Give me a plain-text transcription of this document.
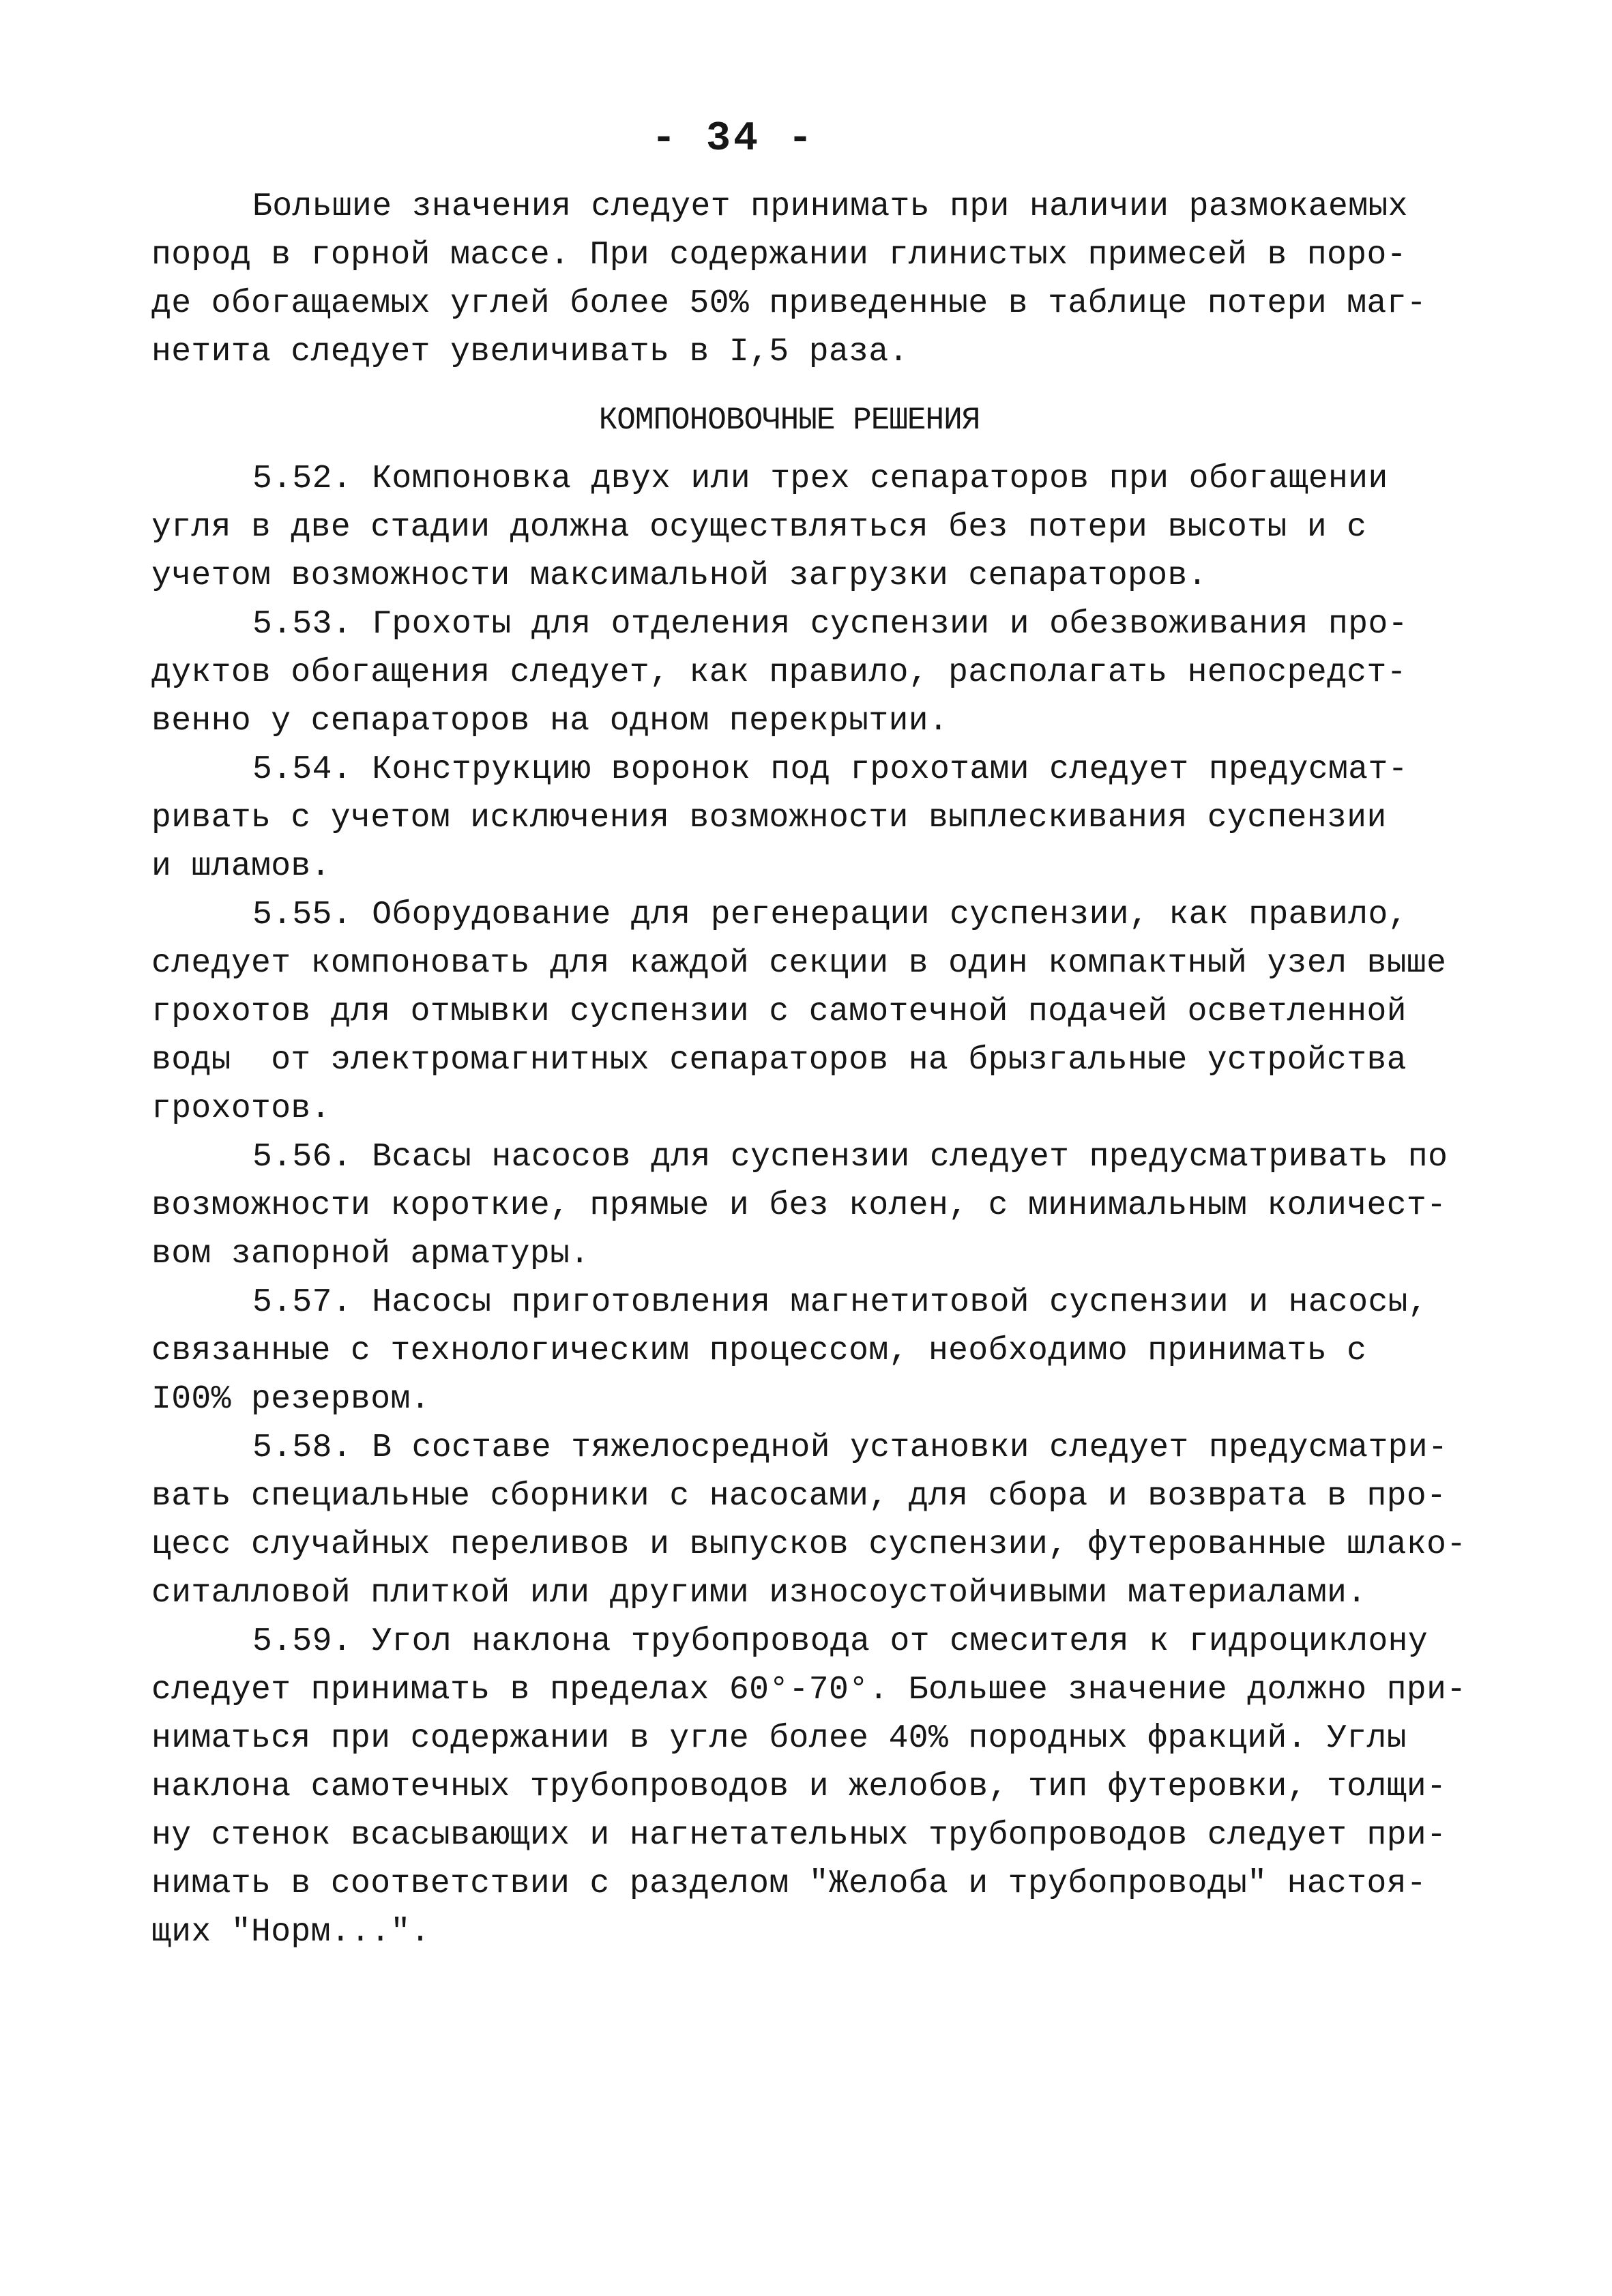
- 34 -
Большие значения следует принимать при наличии размокаемых
пород в горной массе. При содержании глинистых примесей в поро-
де обогащаемых углей более 50% приведенные в таблице потери маг-
нетита следует увеличивать в I,5 раза.
КОМПОНОВОЧНЫЕ РЕШЕНИЯ
5.52. Компоновка двух или трех сепараторов при обогащении
угля в две стадии должна осуществляться без потери высоты и с
учетом возможности максимальной загрузки сепараторов.
5.53. Грохоты для отделения суспензии и обезвоживания про-
дуктов обогащения следует, как правило, располагать непосредст-
венно у сепараторов на одном перекрытии.
5.54. Конструкцию воронок под грохотами следует предусмат-
ривать с учетом исключения возможности выплескивания суспензии
и шламов.
5.55. Оборудование для регенерации суспензии, как правило,
следует компоновать для каждой секции в один компактный узел выше
грохотов для отмывки суспензии с самотечной подачей осветленной
воды  от электромагнитных сепараторов на брызгальные устройства
грохотов.
5.56. Всасы насосов для суспензии следует предусматривать по
возможности короткие, прямые и без колен, с минимальным количест-
вом запорной арматуры.
5.57. Насосы приготовления магнетитовой суспензии и насосы,
связанные с технологическим процессом, необходимо принимать с
I00% резервом.
5.58. В составе тяжелосредной установки следует предусматри-
вать специальные сборники с насосами, для сбора и возврата в про-
цесс случайных переливов и выпусков суспензии, футерованные шлако-
ситалловой плиткой или другими износоустойчивыми материалами.
5.59. Угол наклона трубопровода от смесителя к гидроциклону
следует принимать в пределах 60°-70°. Большее значение должно при-
ниматься при содержании в угле более 40% породных фракций. Углы
наклона самотечных трубопроводов и желобов, тип футеровки, толщи-
ну стенок всасывающих и нагнетательных трубопроводов следует при-
нимать в соответствии с разделом "Желоба и трубопроводы" настоя-
щих "Норм...".
